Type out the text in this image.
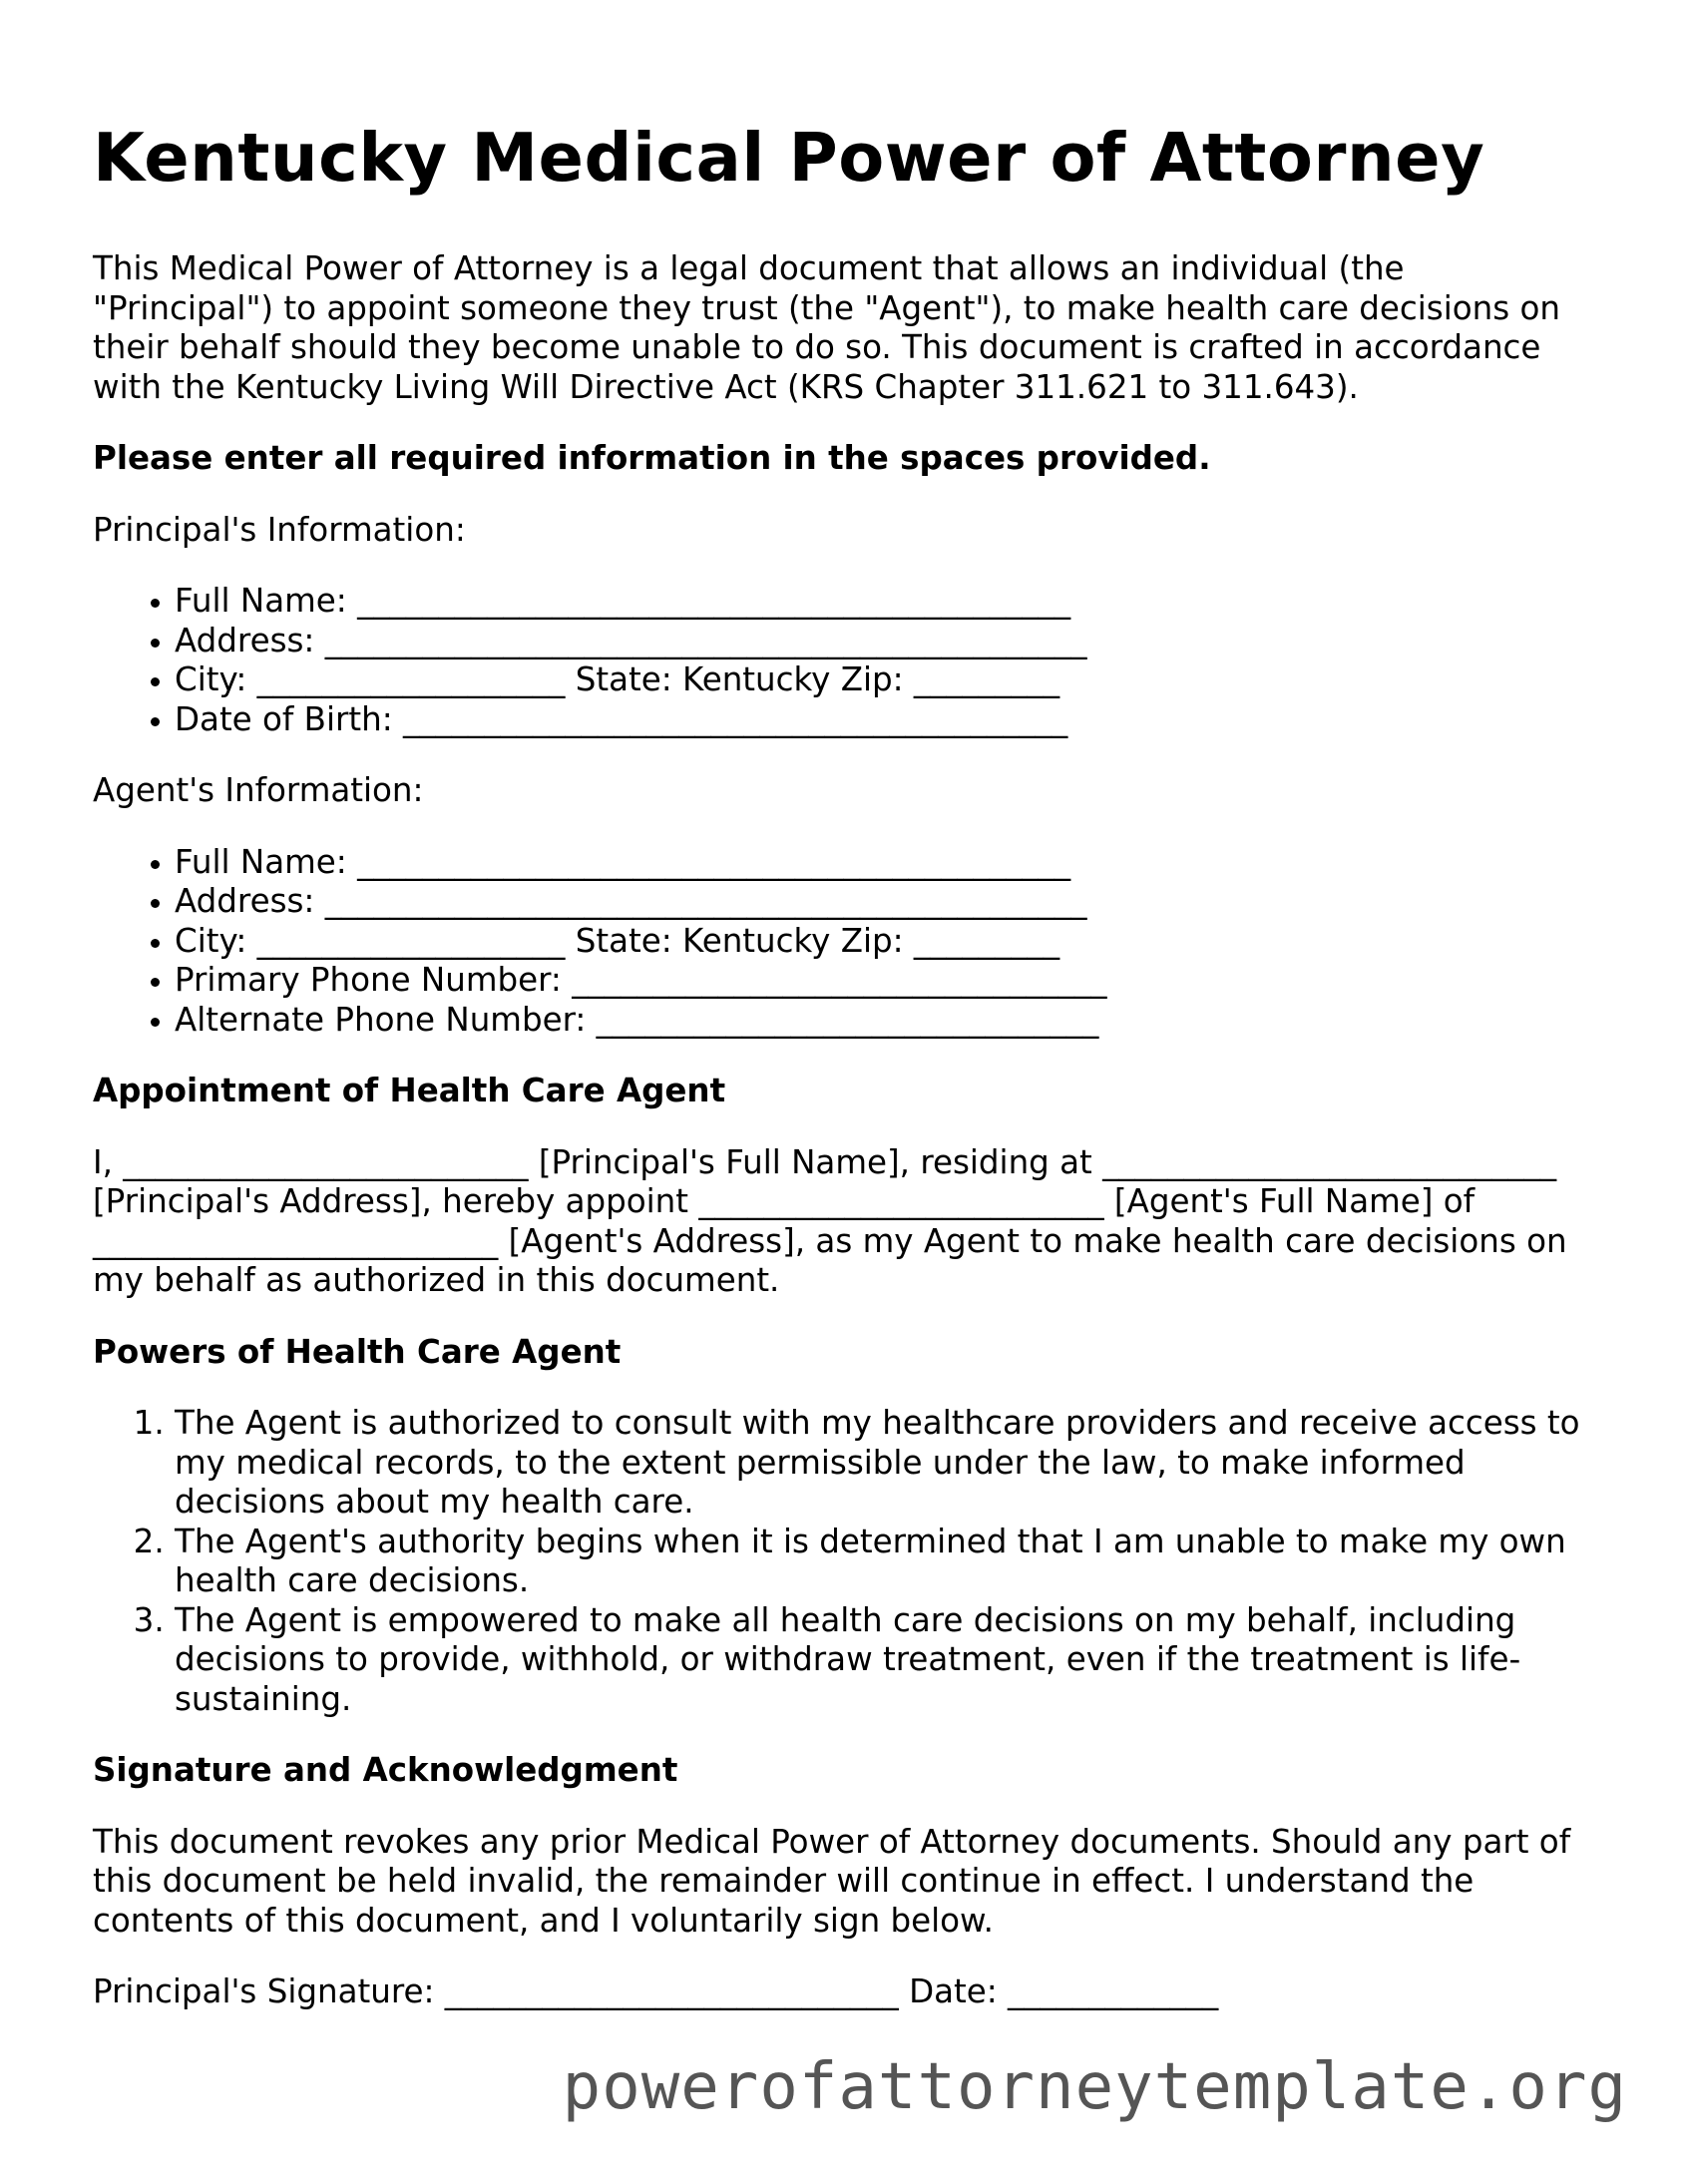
Kentucky Medical Power of Attorney

This Medical Power of Attorney is a legal document that allows an individual (the "Principal") to appoint someone they trust (the "Agent"), to make health care decisions on their behalf should they become unable to do so. This document is crafted in accordance with the Kentucky Living Will Directive Act (KRS Chapter 311.621 to 311.643).

Please enter all required information in the spaces provided.

Principal's Information:

• Full Name: ____________________________________________
• Address: _______________________________________________
• City: ___________________ State: Kentucky Zip: _________
• Date of Birth: _________________________________________

Agent's Information:

• Full Name: ____________________________________________
• Address: _______________________________________________
• City: ___________________ State: Kentucky Zip: _________
• Primary Phone Number: _________________________________
• Alternate Phone Number: _______________________________
Appointment of Health Care Agent

I, _________________________ [Principal's Full Name], residing at ____________________________ [Principal's Address], hereby appoint _________________________ [Agent's Full Name] of _________________________ [Agent's Address], as my Agent to make health care decisions on my behalf as authorized in this document.

Powers of Health Care Agent
1. The Agent is authorized to consult with my healthcare providers and receive access to my medical records, to the extent permissible under the law, to make informed decisions about my health care.
2. The Agent's authority begins when it is determined that I am unable to make my own health care decisions.
3. The Agent is empowered to make all health care decisions on my behalf, including decisions to provide, withhold, or withdraw treatment, even if the treatment is life-sustaining.
Signature and Acknowledgment

This document revokes any prior Medical Power of Attorney documents. Should any part of this document be held invalid, the remainder will continue in effect. I understand the contents of this document, and I voluntarily sign below.

Principal's Signature: ____________________________ Date: _____________

powerofattorneytemplate.org
